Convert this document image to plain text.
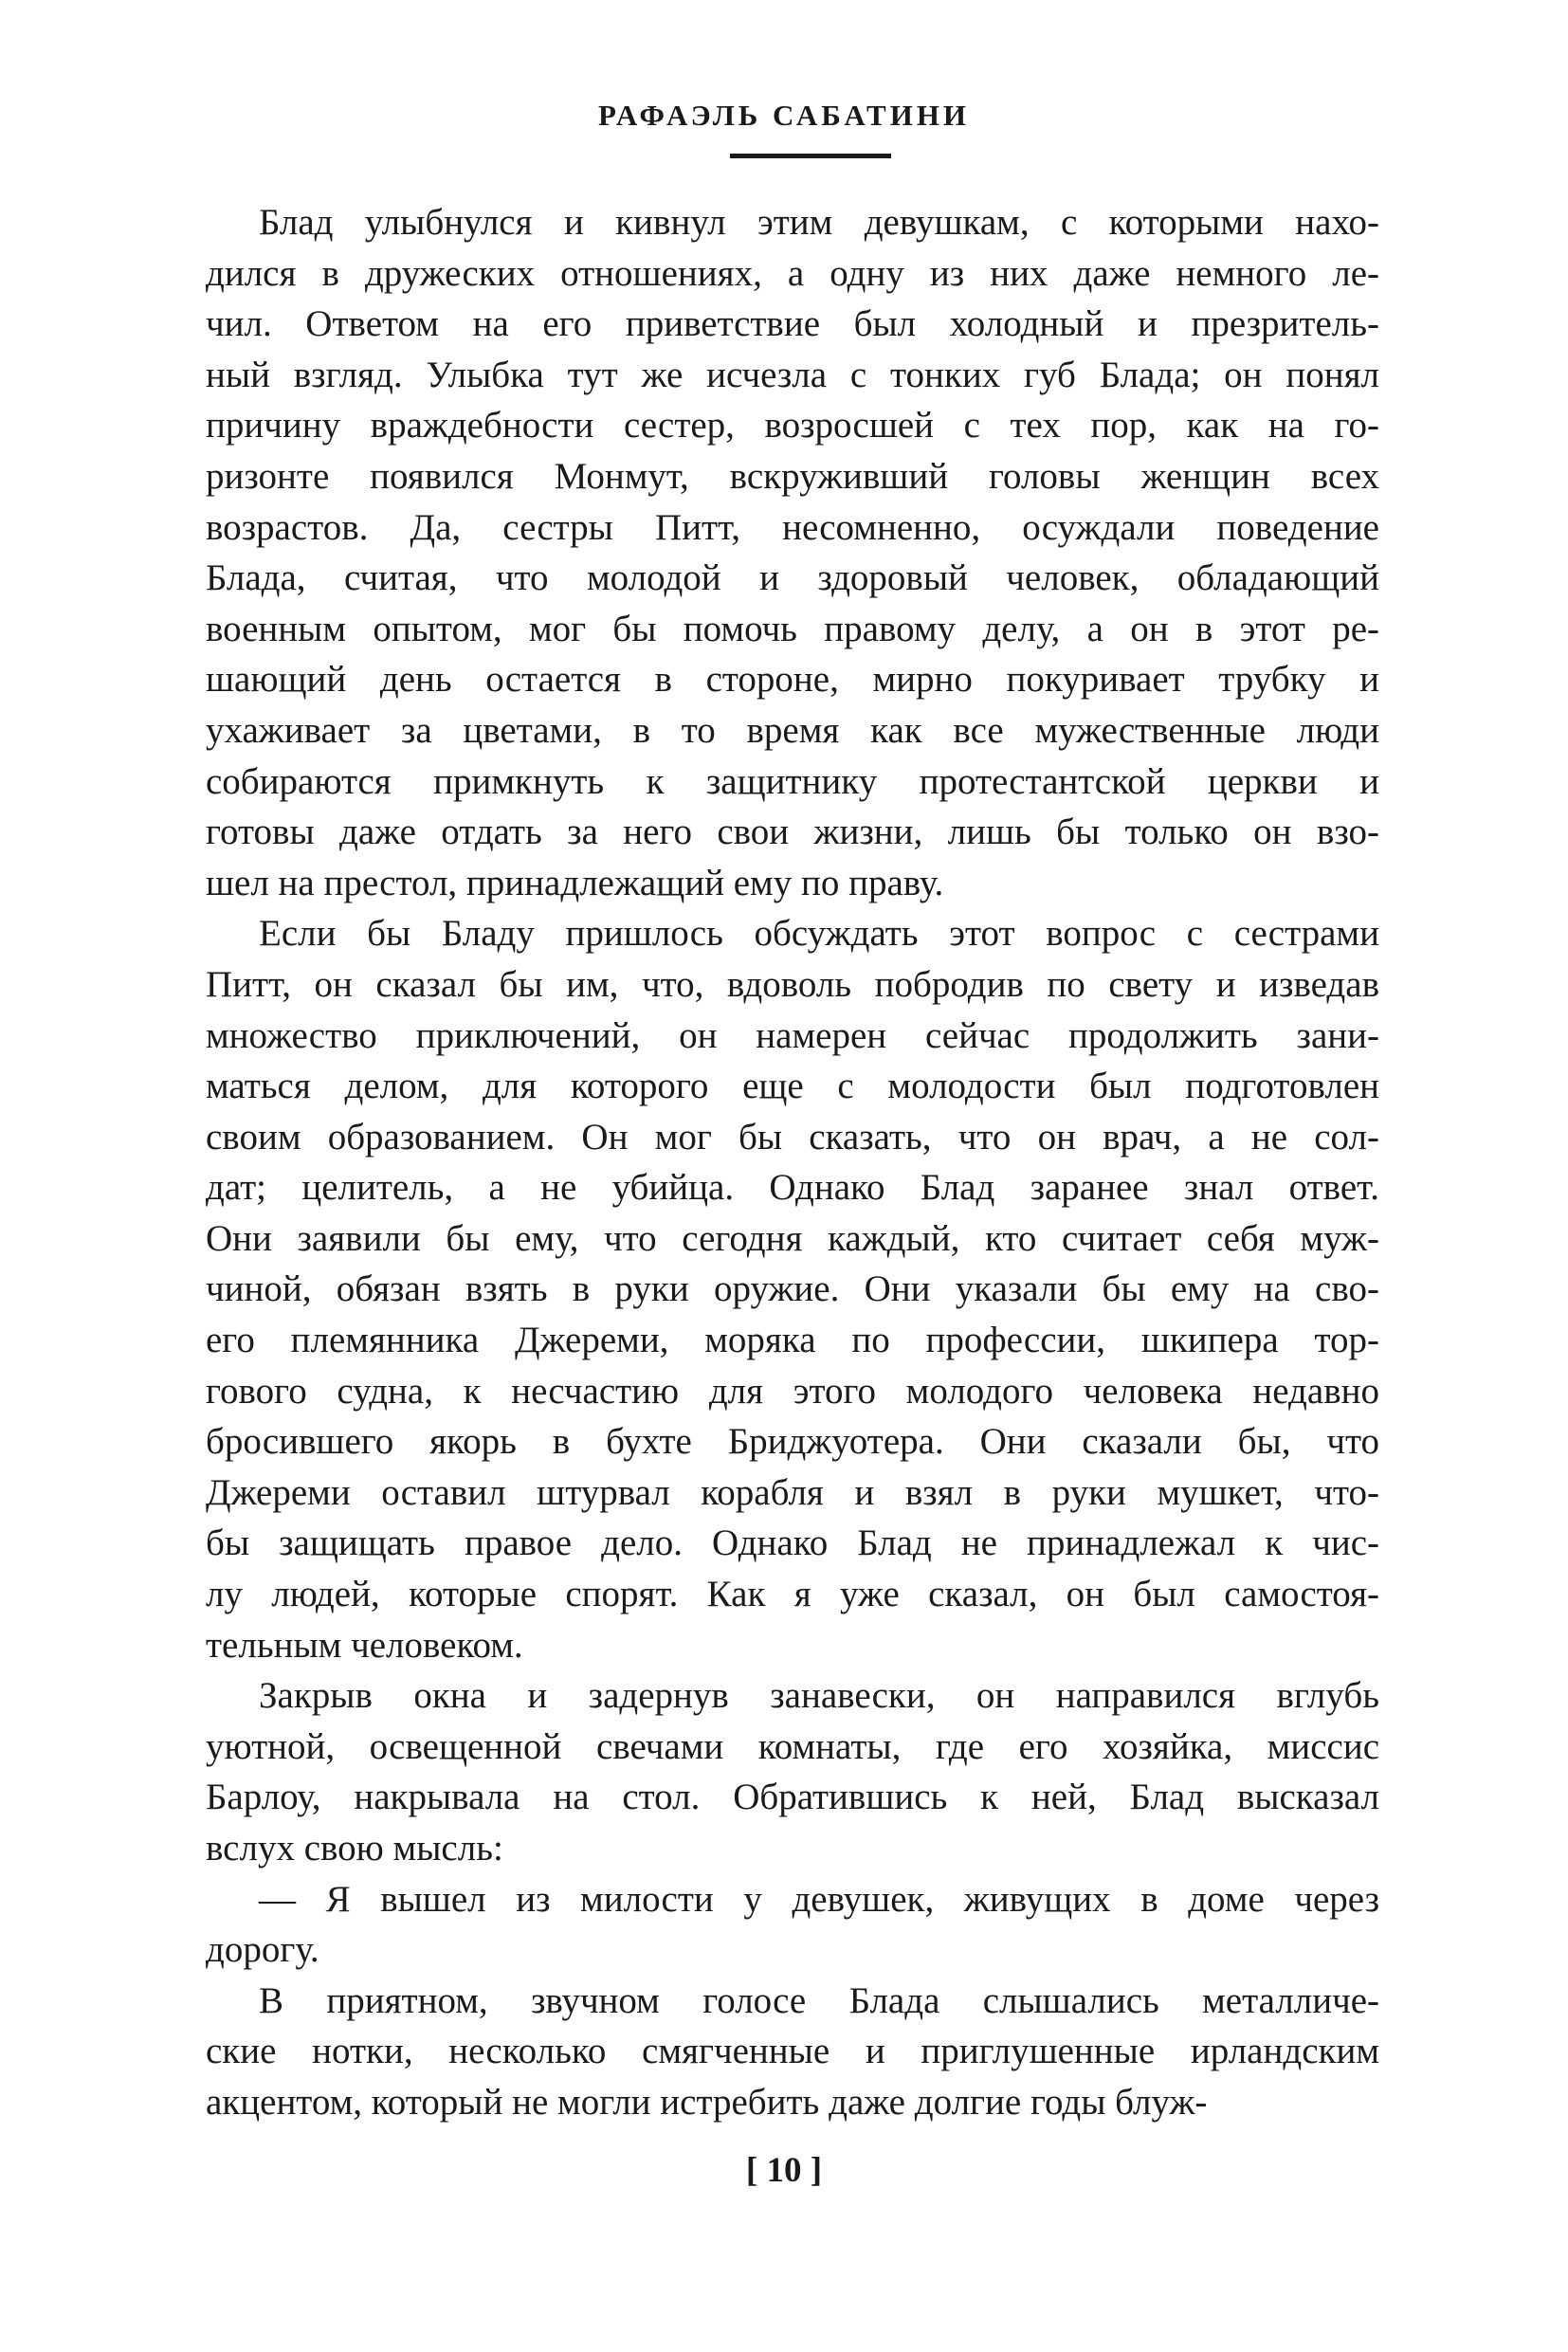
РАФАЭЛЬ САБАТИНИ
Блад улыбнулся и кивнул этим девушкам, с которыми нахо-
дился в дружеских отношениях, а одну из них даже немного ле-
чил. Ответом на его приветствие был холодный и презритель-
ный взгляд. Улыбка тут же исчезла с тонких губ Блада; он понял
причину враждебности сестер, возросшей с тех пор, как на го-
ризонте появился Монмут, вскруживший головы женщин всех
возрастов. Да, сестры Питт, несомненно, осуждали поведение
Блада, считая, что молодой и здоровый человек, обладающий
военным опытом, мог бы помочь правому делу, а он в этот ре-
шающий день остается в стороне, мирно покуривает трубку и
ухаживает за цветами, в то время как все мужественные люди
собираются примкнуть к защитнику протестантской церкви и
готовы даже отдать за него свои жизни, лишь бы только он взо-
шел на престол, принадлежащий ему по праву.
Если бы Бладу пришлось обсуждать этот вопрос с сестрами
Питт, он сказал бы им, что, вдоволь побродив по свету и изведав
множество приключений, он намерен сейчас продолжить зани-
маться делом, для которого еще с молодости был подготовлен
своим образованием. Он мог бы сказать, что он врач, а не сол-
дат; целитель, а не убийца. Однако Блад заранее знал ответ.
Они заявили бы ему, что сегодня каждый, кто считает себя муж-
чиной, обязан взять в руки оружие. Они указали бы ему на сво-
его племянника Джереми, моряка по профессии, шкипера тор-
гового судна, к несчастию для этого молодого человека недавно
бросившего якорь в бухте Бриджуотера. Они сказали бы, что
Джереми оставил штурвал корабля и взял в руки мушкет, что-
бы защищать правое дело. Однако Блад не принадлежал к чис-
лу людей, которые спорят. Как я уже сказал, он был самостоя-
тельным человеком.
Закрыв окна и задернув занавески, он направился вглубь
уютной, освещенной свечами комнаты, где его хозяйка, миссис
Барлоу, накрывала на стол. Обратившись к ней, Блад высказал
вслух свою мысль:
— Я вышел из милости у девушек, живущих в доме через
дорогу.
В приятном, звучном голосе Блада слышались металличе-
ские нотки, несколько смягченные и приглушенные ирландским
акцентом, который не могли истребить даже долгие годы блуж-
[ 10 ]
